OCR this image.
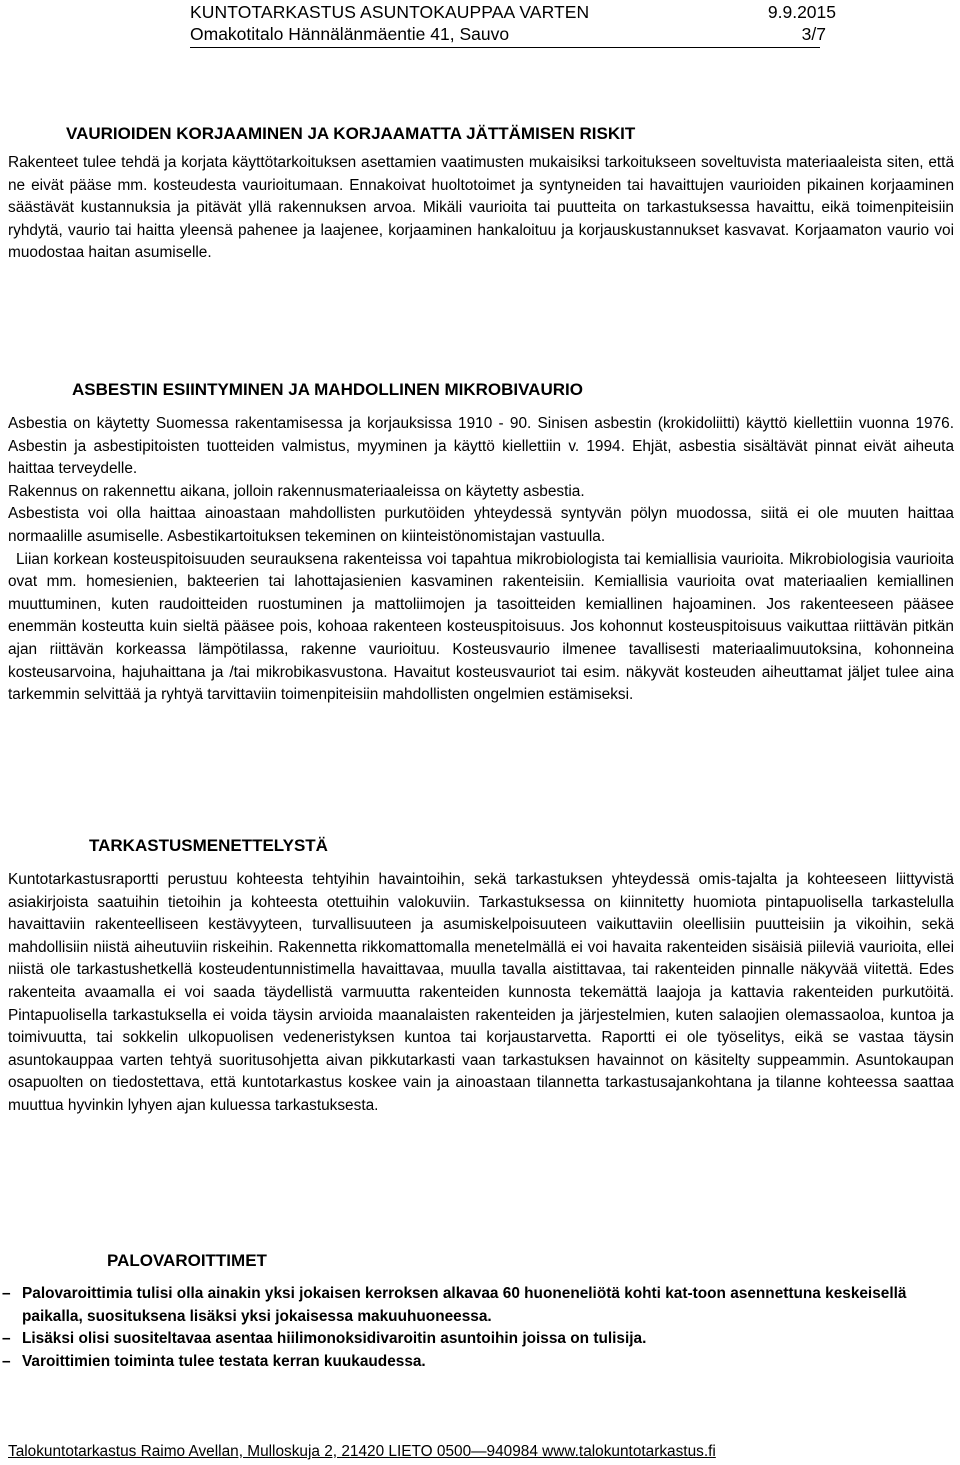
KUNTOTARKASTUS ASUNTOKAUPPAA VARTEN	9.9.2015
Omakotitalo Hännälänmäentie 41, Sauvo	3/7
VAURIOIDEN KORJAAMINEN JA KORJAAMATTA JÄTTÄMISEN RISKIT

Rakenteet tulee tehdä ja korjata käyttötarkoituksen asettamien vaatimusten mukaisiksi tarkoitukseen soveltuvista materiaaleista siten, että ne eivät pääse mm. kosteudesta vaurioitumaan. Ennakoivat huoltotoimet ja syntyneiden tai havaittujen vaurioiden pikainen korjaaminen säästävät kustannuksia ja pitävät yllä rakennuksen arvoa. Mikäli vaurioita tai puutteita on tarkastuksessa havaittu, eikä toimenpiteisiin ryhdytä, vaurio tai haitta yleensä pahenee ja laajenee, korjaaminen hankaloituu ja korjauskustannukset kasvavat. Korjaamaton vaurio voi muodostaa haitan asumiselle.

ASBESTIN ESIINTYMINEN JA MAHDOLLINEN MIKROBIVAURIO

Asbestia on käytetty Suomessa rakentamisessa ja korjauksissa 1910 - 90. Sinisen asbestin (krokidoliitti) käyttö kiellettiin vuonna 1976. Asbestin ja asbestipitoisten tuotteiden valmistus, myyminen ja käyttö kiellettiin v. 1994. Ehjät, asbestia sisältävät pinnat eivät aiheuta haittaa terveydelle.

Rakennus on rakennettu aikana, jolloin rakennusmateriaaleissa on käytetty asbestia.

Asbestista voi olla haittaa ainoastaan mahdollisten purkutöiden yhteydessä syntyvän pölyn muodossa, siitä ei ole muuten haittaa normaalille asumiselle. Asbestikartoituksen tekeminen on kiinteistönomistajan vastuulla.

Liian korkean kosteuspitoisuuden seurauksena rakenteissa voi tapahtua mikrobiologista tai kemiallisia vaurioita. Mikrobiologisia vaurioita ovat mm. homesienien, bakteerien tai lahottajasienien kasvaminen rakenteisiin. Kemiallisia vaurioita ovat materiaalien kemiallinen muuttuminen, kuten raudoitteiden ruostuminen ja mattoliimojen ja tasoitteiden kemiallinen hajoaminen. Jos rakenteeseen pääsee enemmän kosteutta kuin sieltä pääsee pois, kohoaa rakenteen kosteuspitoisuus. Jos kohonnut kosteuspitoisuus vaikuttaa riittävän pitkän ajan riittävän korkeassa lämpötilassa, rakenne vaurioituu. Kosteusvaurio ilmenee tavallisesti materiaalimuutoksina, kohonneina kosteusarvoina, hajuhaittana ja /tai mikrobikasvustona. Havaitut kosteusvauriot tai esim. näkyvät kosteuden aiheuttamat jäljet tulee aina tarkemmin selvittää ja ryhtyä tarvittaviin toimenpiteisiin mahdollisten ongelmien estämiseksi.

TARKASTUSMENETTELYSTÄ

Kuntotarkastusraportti perustuu kohteesta tehtyihin havaintoihin, sekä tarkastuksen yhteydessä omis-tajalta ja kohteeseen liittyvistä asiakirjoista saatuihin tietoihin ja kohteesta otettuihin valokuviin. Tarkastuksessa on kiinnitetty huomiota pintapuolisella tarkastelulla havaittaviin rakenteelliseen kestävyyteen, turvallisuuteen ja asumiskelpoisuuteen vaikuttaviin oleellisiin puutteisiin ja vikoihin, sekä mahdollisiin niistä aiheutuviin riskeihin. Rakennetta rikkomattomalla menetelmällä ei voi havaita rakenteiden sisäisiä piileviä vaurioita, ellei niistä ole tarkastushetkellä kosteudentunnistimella havaittavaa, muulla tavalla aistittavaa, tai rakenteiden pinnalle näkyvää viitettä. Edes rakenteita avaamalla ei voi saada täydellistä varmuutta rakenteiden kunnosta tekemättä laajoja ja kattavia rakenteiden purkutöitä. Pintapuolisella tarkastuksella ei voida täysin arvioida maanalaisten rakenteiden ja järjestelmien, kuten salaojien olemassaoloa, kuntoa ja toimivuutta, tai sokkelin ulkopuolisen vedeneristyksen kuntoa tai korjaustarvetta. Raportti ei ole työselitys, eikä se vastaa täysin asuntokauppaa varten tehtyä suoritusohjetta aivan pikkutarkasti vaan tarkastuksen havainnot on käsitelty suppeammin. Asuntokaupan osapuolten on tiedostettava, että kuntotarkastus koskee vain ja ainoastaan tilannetta tarkastusajankohtana ja tilanne kohteessa saattaa muuttua hyvinkin lyhyen ajan kuluessa tarkastuksesta.

PALOVAROITTIMET
– Palovaroittimia tulisi olla ainakin yksi jokaisen kerroksen alkavaa 60 huoneneliötä kohti kat-toon asennettuna keskeisellä paikalla, suosituksena lisäksi yksi jokaisessa makuuhuoneessa.
– Lisäksi olisi suositeltavaa asentaa hiilimonoksidivaroitin asuntoihin joissa on tulisija.
– Varoittimien toiminta tulee testata kerran kuukaudessa.
Talokuntotarkastus Raimo Avellan, Mulloskuja 2, 21420 LIETO 0500—940984 www.talokuntotarkastus.fi
